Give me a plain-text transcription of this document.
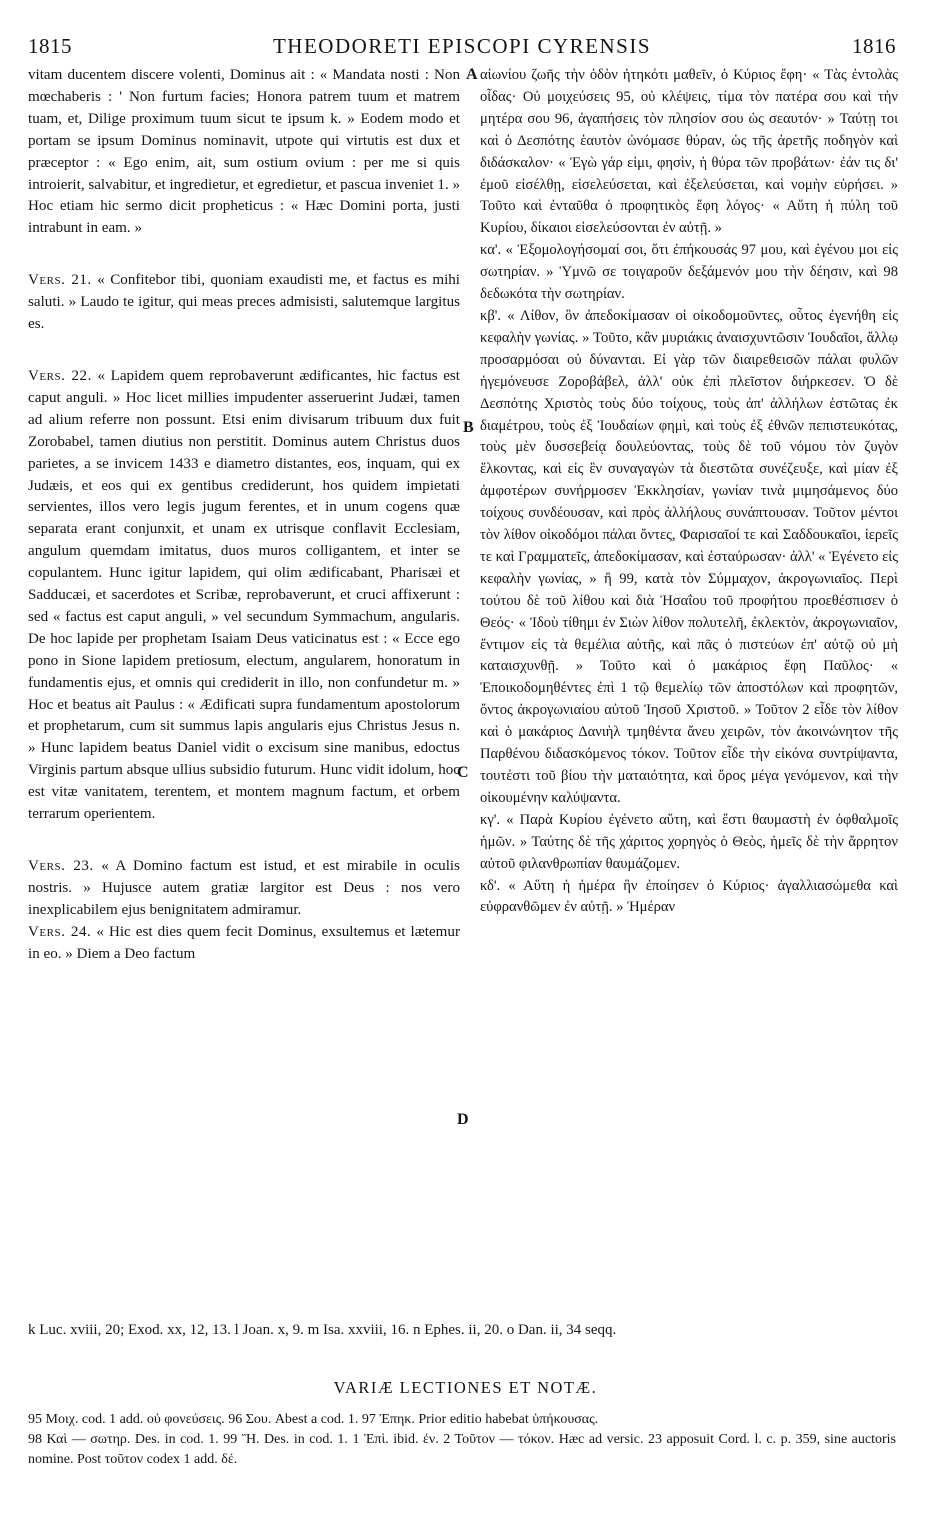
1815	THEODORETI EPISCOPI CYRENSIS	1816

vitam ducentem discere volenti, Dominus ait : « Mandata nosti : Non mœchaberis : ' Non furtum facies; Honora patrem tuum et matrem tuam, et, Dilige proximum tuum sicut te ipsum k. » Eodem modo et portam se ipsum Dominus nominavit, utpote qui virtutis est dux et præceptor : « Ego enim, ait, sum ostium ovium : per me si quis introierit, salvabitur, et ingredietur, et egredietur, et pascua inveniet 1. » Hoc etiam hic sermo dicit propheticus : « Hæc Domini porta, justi intrabunt in eam. »

Vers. 21. « Confitebor tibi, quoniam exaudisti me, et factus es mihi saluti. » Laudo te igitur, qui meas preces admisisti, salutemque largitus es.

Vers. 22. « Lapidem quem reprobaverunt ædificantes, hic factus est caput anguli. » Hoc licet millies impudenter asseruerint Judæi, tamen ad alium referre non possunt. Etsi enim divisarum tribuum dux fuit Zorobabel, tamen diutius non perstitit. Dominus autem Christus duos parietes, a se invicem 1433 e diametro distantes, eos, inquam, qui ex Judæis, et eos qui ex gentibus crediderunt, hos quidem impietati servientes, illos vero legis jugum ferentes, et in unum cogens quæ separata erant conjunxit, et unam ex utrisque conflavit Ecclesiam, angulum quemdam imitatus, duos muros colligantem, et inter se copulantem. Hunc igitur lapidem, qui olim ædificabant, Pharisæi et Sadducæi, et sacerdotes et Scribæ, reprobaverunt, et cruci affixerunt : sed « factus est caput anguli, » vel secundum Symmachum, angularis. De hoc lapide per prophetam Isaiam Deus vaticinatus est : « Ecce ego pono in Sione lapidem pretiosum, electum, angularem, honoratum in fundamentis ejus, et omnis qui crediderit in illo, non confundetur m. » Hoc et beatus ait Paulus : « Ædificati supra fundamentum apostolorum et prophetarum, cum sit summus lapis angularis ejus Christus Jesus n. » Hunc lapidem beatus Daniel vidit o excisum sine manibus, edoctus Virginis partum absque ullius subsidio futurum. Hunc vidit idolum, hoc est vitæ vanitatem, terentem, et montem magnum factum, et orbem terrarum operientem.

Vers. 23. « A Domino factum est istud, et est mirabile in oculis nostris. » Hujusce autem gratiæ largitor est Deus : nos vero inexplicabilem ejus benignitatem admiramur.

Vers. 24. « Hic est dies quem fecit Dominus, exsultemus et lætemur in eo. » Diem a Deo factum

A
B
C
D

αἰωνίου ζωῆς τὴν ὁδὸν ἠτηκότι μαθεῖν, ὁ Κύριος ἔφη· « Τὰς ἐντολὰς οἶδας· Οὐ μοιχεύσεις 95, οὐ κλέψεις, τίμα τὸν πατέρα σου καὶ τὴν μητέρα σου 96, ἀγαπήσεις τὸν πλησίον σου ὡς σεαυτόν· » Ταύτῃ τοι καὶ ὁ Δεσπότης ἑαυτὸν ὠνόμασε θύραν, ὡς τῆς ἀρετῆς ποδηγὸν καὶ διδάσκαλον· « Ἐγὼ γάρ εἰμι, φησὶν, ἡ θύρα τῶν προβάτων· ἐάν τις δι' ἐμοῦ εἰσέλθῃ, εἰσελεύσεται, καὶ ἐξελεύσεται, καὶ νομὴν εὑρήσει. » Τοῦτο καὶ ἐνταῦθα ὁ προφητικὸς ἔφη λόγος· « Αὕτη ἡ πύλη τοῦ Κυρίου, δίκαιοι εἰσελεύσονται ἐν αὐτῇ. »

κα'. « Ἐξομολογήσομαί σοι, ὅτι ἐπήκουσάς 97 μου, καὶ ἐγένου μοι εἰς σωτηρίαν. » Ὑμνῶ σε τοιγαροῦν δεξάμενόν μου τὴν δέησιν, καὶ 98 δεδωκότα τὴν σωτηρίαν.

κβ'. « Λίθον, ὃν ἀπεδοκίμασαν οἱ οἰκοδομοῦντες, οὗτος ἐγενήθη εἰς κεφαλὴν γωνίας. » Τοῦτο, κἂν μυριάκις ἀναισχυντῶσιν Ἰουδαῖοι, ἄλλῳ προσαρμόσαι οὐ δύνανται. Εἰ γὰρ τῶν διαιρεθεισῶν πάλαι φυλῶν ἡγεμόνευσε Ζοροβάβελ, ἀλλ' οὐκ ἐπὶ πλεῖστον διήρκεσεν. Ὁ δὲ Δεσπότης Χριστὸς τοὺς δύο τοίχους, τοὺς ἀπ' ἀλλήλων ἑστῶτας ἐκ διαμέτρου, τοὺς ἐξ Ἰουδαίων φημὶ, καὶ τοὺς ἐξ ἐθνῶν πεπιστευκότας, τοὺς μὲν δυσσεβείᾳ δουλεύοντας, τοὺς δὲ τοῦ νόμου τὸν ζυγὸν ἕλκοντας, καὶ εἰς ἓν συναγαγὼν τὰ διεστῶτα συνέζευξε, καὶ μίαν ἐξ ἀμφοτέρων συνήρμοσεν Ἐκκλησίαν, γωνίαν τινὰ μιμησάμενος δύο τοίχους συνδέουσαν, καὶ πρὸς ἀλλήλους συνάπτουσαν. Τοῦτον μέντοι τὸν λίθον οἰκοδόμοι πάλαι ὄντες, Φαρισαῖοί τε καὶ Σαδδουκαῖοι, ἱερεῖς τε καὶ Γραμματεῖς, ἀπεδοκίμασαν, καὶ ἐσταύρωσαν· ἀλλ' « Ἐγένετο εἰς κεφαλὴν γωνίας, » ἢ 99, κατὰ τὸν Σύμμαχον, ἀκρογωνιαῖος. Περὶ τούτου δὲ τοῦ λίθου καὶ διὰ Ἡσαΐου τοῦ προφήτου προεθέσπισεν ὁ Θεός· « Ἰδοὺ τίθημι ἐν Σιὼν λίθον πολυτελῆ, ἐκλεκτὸν, ἀκρογωνιαῖον, ἔντιμον εἰς τὰ θεμέλια αὐτῆς, καὶ πᾶς ὁ πιστεύων ἐπ' αὐτῷ οὐ μὴ καταισχυνθῇ. » Τοῦτο καὶ ὁ μακάριος ἔφη Παῦλος· « Ἐποικοδομηθέντες ἐπὶ 1 τῷ θεμελίῳ τῶν ἀποστόλων καὶ προφητῶν, ὄντος ἀκρογωνιαίου αὐτοῦ Ἰησοῦ Χριστοῦ. » Τοῦτον 2 εἶδε τὸν λίθον καὶ ὁ μακάριος Δανιὴλ τμηθέντα ἄνευ χειρῶν, τὸν ἀκοινώνητον τῆς Παρθένου διδασκόμενος τόκον. Τοῦτον εἶδε τὴν εἰκόνα συντρίψαντα, τουτέστι τοῦ βίου τὴν ματαιότητα, καὶ ὄρος μέγα γενόμενον, καὶ τὴν οἰκουμένην καλύψαντα.

κγ'. « Παρὰ Κυρίου ἐγένετο αὕτη, καὶ ἔστι θαυμαστὴ ἐν ὀφθαλμοῖς ἡμῶν. » Ταύτης δὲ τῆς χάριτος χορηγὸς ὁ Θεὸς, ἡμεῖς δὲ τὴν ἄρρητον αὐτοῦ φιλανθρωπίαν θαυμάζομεν.

κδ'. « Αὕτη ἡ ἡμέρα ἣν ἐποίησεν ὁ Κύριος· ἀγαλλιασώμεθα καὶ εὐφρανθῶμεν ἐν αὐτῇ. » Ἡμέραν

k Luc. xviii, 20; Exod. xx, 12, 13. l Joan. x, 9. m Isa. xxviii, 16. n Ephes. ii, 20. o Dan. ii, 34 seqq.
VARIÆ LECTIONES ET NOTÆ.
95 Μοιχ. cod. 1 add. οὐ φονεύσεις. 96 Σου. Abest a cod. 1. 97 Ἐπηκ. Prior editio habebat ὑπήκουσας.
98 Καὶ — σωτηρ. Des. in cod. 1. 99 Ἢ. Des. in cod. 1. 1 Ἐπὶ. ibid. ἐν. 2 Τοῦτον — τόκον. Hæc ad versic. 23 apposuit Cord. l. c. p. 359, sine auctoris nomine. Post τοῦτον codex 1 add. δέ.
